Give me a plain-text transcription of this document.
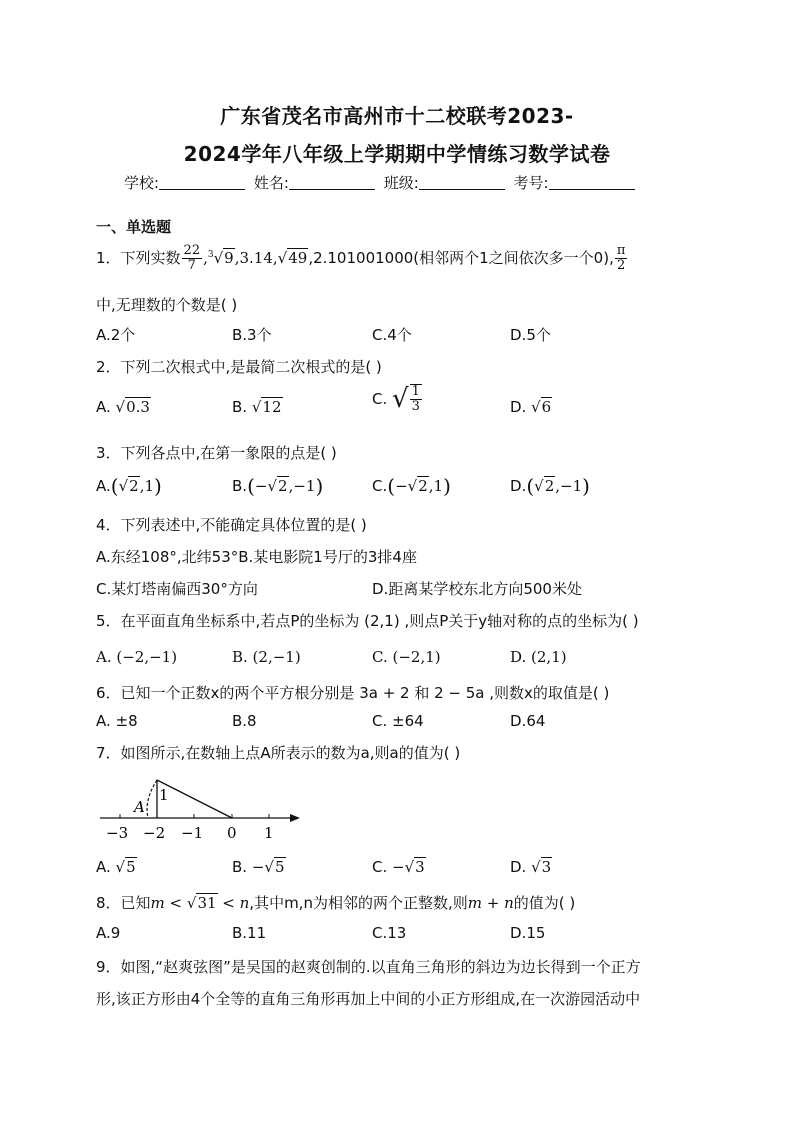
广东省茂名市高州市十二校联考2023-
2024学年八年级上学期期中学情练习数学试卷
学校:	姓名:	班级:	考号:
一、单选题
1．下列实数 $\frac{22}{7} ,^3√9,3.14,√49,2.101001000$(相邻两个1之间依次多一个0), $\frac{\pi}{2}$
中,无理数的个数是( )
A.2个	B.3个	C.4个	D.5个
2．下列二次根式中,是最简二次根式的是( )
A. √0.3	B. √12	C. √ $\frac{1}{3}$	D. √6
3．下列各点中,在第一象限的点是( )
A.(√2,1)	B.(−√2,−1)	C.(−√2,1)	D.(√2,−1)
4．下列表述中,不能确定具体位置的是( )
A.东经108°,北纬53°B.某电影院1号厅的3排4座
C.某灯塔南偏西30°方向	D.距离某学校东北方向500米处
5．在平面直角坐标系中,若点P的坐标为 (2,1) ,则点P关于y轴对称的点的坐标为( )
A. (−2,−1)	B. (2,−1)	C. (−2,1)	D. (2,1)
6．已知一个正数x的两个平方根分别是 3a + 2 和 2 − 5a ,则数x的取值是( )
A. ±8	B.8	C. ±64	D.64
7．如图所示,在数轴上点A所表示的数为a,则a的值为( )
1
A
−3 −2 −1 0 1
A. √5	B. −√5	C. −√3	D. √3
8．已知m < √31 < n,其中m,n为相邻的两个正整数,则m + n的值为( )
A.9	B.11	C.13	D.15
9．如图,“赵爽弦图”是吴国的赵爽创制的.以直角三角形的斜边为边长得到一个正方
形,该正方形由4个全等的直角三角形再加上中间的小正方形组成,在一次游园活动中
